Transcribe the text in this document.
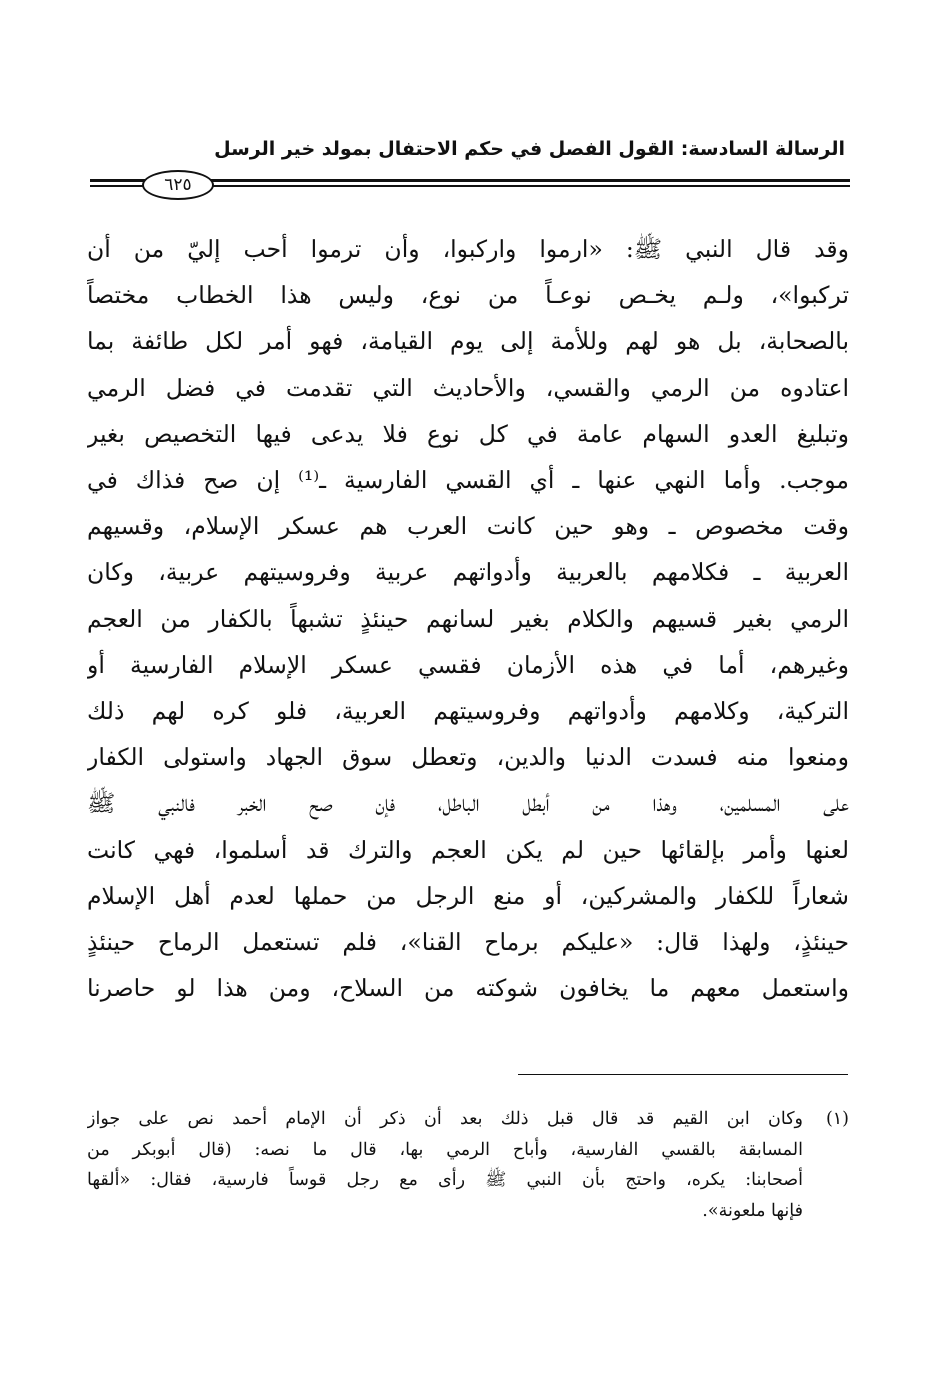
الرسالة السادسة: القول الفصل في حكم الاحتفال بمولد خير الرسل
٦٢٥
وقد قال النبي ﷺ: «ارموا واركبوا، وأن ترموا أحب إليّ من أن
تركبوا»، ولـم يخـص نوعـاً من نوع، وليس هذا الخطاب مختصاً
بالصحابة، بل هو لهم وللأمة إلى يوم القيامة، فهو أمر لكل طائفة بما
اعتادوه من الرمي والقسي، والأحاديث التي تقدمت في فضل الرمي
وتبليغ العدو السهام عامة في كل نوع فلا يدعى فيها التخصيص بغير
موجب. وأما النهي عنها ـ أي القسي الفارسية ـ⁽¹⁾ إن صح فذاك في
وقت مخصوص ـ وهو حين كانت العرب هم عسكر الإسلام، وقسيهم
العربية ـ فكلامهم بالعربية وأدواتهم عربية وفروسيتهم عربية، وكان
الرمي بغير قسيهم والكلام بغير لسانهم حينئذٍ تشبهاً بالكفار من العجم
وغيرهم، أما في هذه الأزمان فقسي عسكر الإسلام الفارسية أو
التركية، وكلامهم وأدواتهم وفروسيتهم العربية، فلو كره لهم ذلك
ومنعوا منه فسدت الدنيا والدين، وتعطل سوق الجهاد واستولى الكفار
على المسلمين، وهذا من أبطل الباطل، فإن صح الخبر فالنبي ﷺ
لعنها وأمر بإلقائها حين لم يكن العجم والترك قد أسلموا، فهي كانت
شعاراً للكفار والمشركين، أو منع الرجل من حملها لعدم أهل الإسلام
حينئذٍ، ولهذا قال: «عليكم برماح القنا»، فلم تستعمل الرماح حينئذٍ
واستعمل معهم ما يخافون شوكته من السلاح، ومن هذا لو حاصرنا
(١)
وكان ابن القيم قد قال قبل ذلك بعد أن ذكر أن الإمام أحمد نص على جواز
المسابقة بالقسي الفارسية، وأباح الرمي بها، قال ما نصه: (قال أبوبكر من
أصحابنا: يكره، واحتج بأن النبي ﷺ رأى مع رجل قوساً فارسية، فقال: «ألقها
فإنها ملعونة».
